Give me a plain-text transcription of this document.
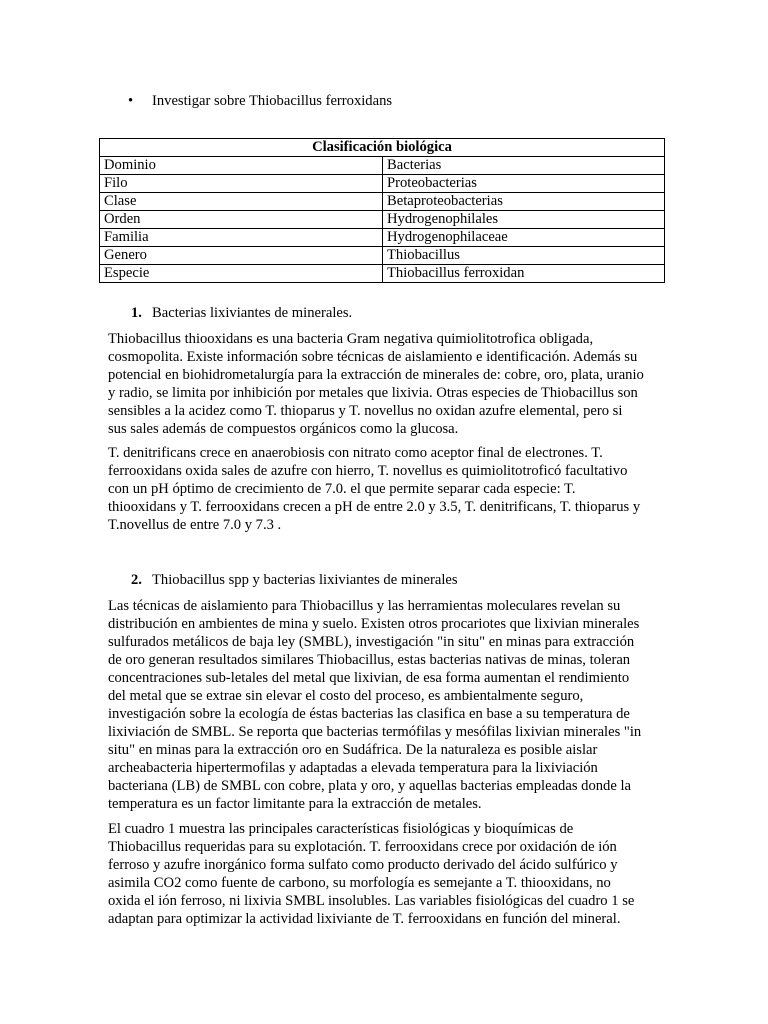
• Investigar sobre Thiobacillus ferroxidans
Clasificación biológica	
Dominio	Bacterias
Filo	Proteobacterias
Clase	Betaproteobacterias
Orden	Hydrogenophilales
Familia	Hydrogenophilaceae
Genero	Thiobacillus
Especie	Thiobacillus ferroxidan
1. Bacterias lixiviantes de minerales.
Thiobacillus thiooxidans es una bacteria Gram negativa quimiolitotrofica obligada,
cosmopolita. Existe información sobre técnicas de aislamiento e identificación. Además su
potencial en biohidrometalurgía para la extracción de minerales de: cobre, oro, plata, uranio
y radio, se limita por inhibición por metales que lixivia. Otras especies de Thiobacillus son
sensibles a la acidez como T. thioparus y T. novellus no oxidan azufre elemental, pero si
sus sales además de compuestos orgánicos como la glucosa.
T. denitrificans crece en anaerobiosis con nitrato como aceptor final de electrones. T.
ferrooxidans oxida sales de azufre con hierro, T. novellus es quimiolitotroficó facultativo
con un pH óptimo de crecimiento de 7.0. el que permite separar cada especie: T.
thiooxidans y T. ferrooxidans crecen a pH de entre 2.0 y 3.5, T. denitrificans, T. thioparus y
T.novellus de entre 7.0 y 7.3 .
2. Thiobacillus spp y bacterias lixiviantes de minerales
Las técnicas de aislamiento para Thiobacillus y las herramientas moleculares revelan su
distribución en ambientes de mina y suelo. Existen otros procariotes que lixivian minerales
sulfurados metálicos de baja ley (SMBL), investigación "in situ" en minas para extracción
de oro generan resultados similares Thiobacillus, estas bacterias nativas de minas, toleran
concentraciones sub-letales del metal que lixivian, de esa forma aumentan el rendimiento
del metal que se extrae sin elevar el costo del proceso, es ambientalmente seguro,
investigación sobre la ecología de éstas bacterias las clasifica en base a su temperatura de
lixiviación de SMBL. Se reporta que bacterias termófilas y mesófilas lixivian minerales "in
situ" en minas para la extracción oro en Sudáfrica. De la naturaleza es posible aislar
archeabacteria hipertermofilas y adaptadas a elevada temperatura para la lixiviación
bacteriana (LB) de SMBL con cobre, plata y oro, y aquellas bacterias empleadas donde la
temperatura es un factor limitante para la extracción de metales.
El cuadro 1 muestra las principales características fisiológicas y bioquímicas de
Thiobacillus requeridas para su explotación. T. ferrooxidans crece por oxidación de ión
ferroso y azufre inorgánico forma sulfato como producto derivado del ácido sulfúrico y
asimila CO2 como fuente de carbono, su morfología es semejante a T. thiooxidans, no
oxida el ión ferroso, ni lixivia SMBL insolubles. Las variables fisiológicas del cuadro 1 se
adaptan para optimizar la actividad lixiviante de T. ferrooxidans en función del mineral.
